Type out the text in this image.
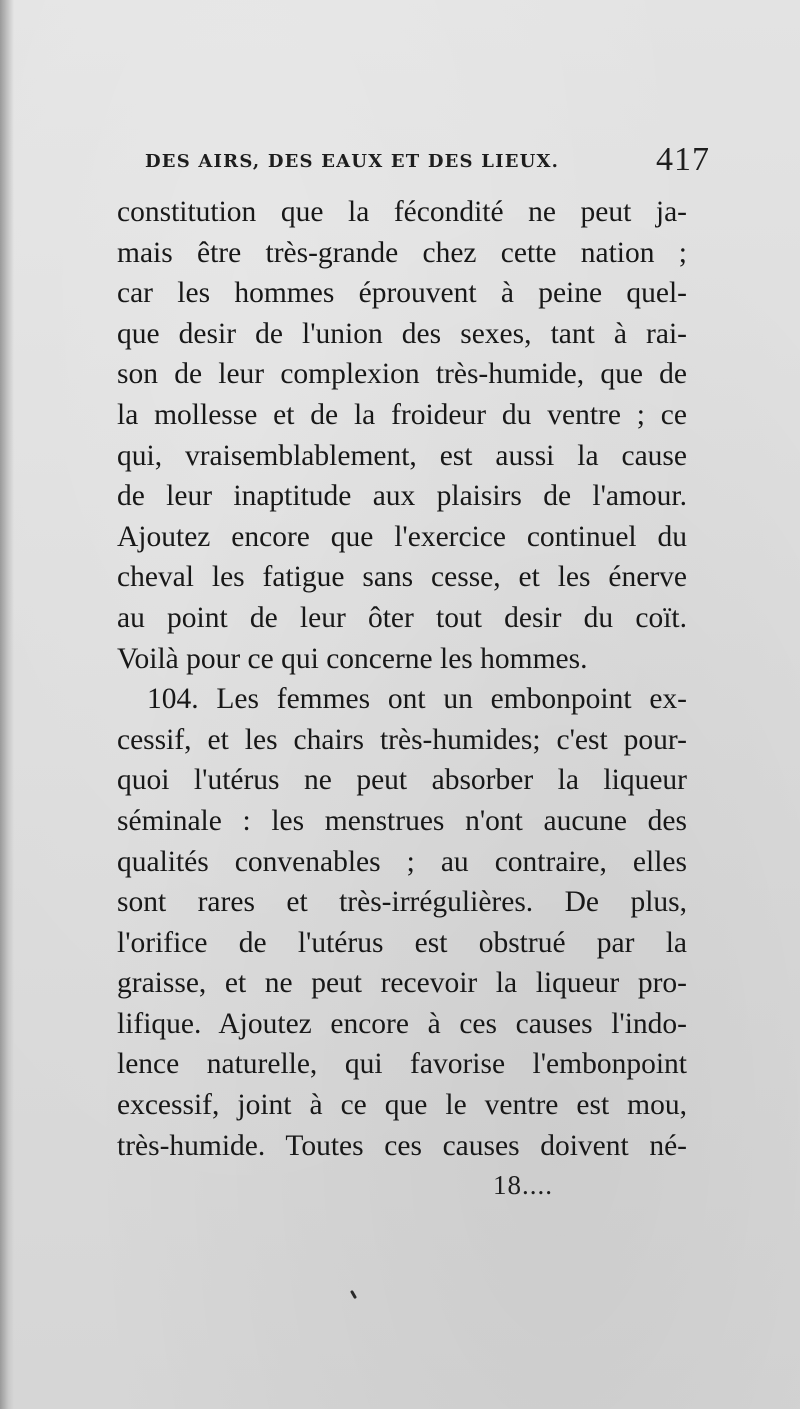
DES AIRS, DES EAUX ET DES LIEUX.	417
constitution que la fécondité ne peut ja-
mais être très-grande chez cette nation ;
car les hommes éprouvent à peine quel-
que desir de l'union des sexes, tant à rai-
son de leur complexion très-humide, que de
la mollesse et de la froideur du ventre ; ce
qui, vraisemblablement, est aussi la cause
de leur inaptitude aux plaisirs de l'amour.
Ajoutez encore que l'exercice continuel du
cheval les fatigue sans cesse, et les énerve
au point de leur ôter tout desir du coït.
Voilà pour ce qui concerne les hommes.
104. Les femmes ont un embonpoint ex-
cessif, et les chairs très-humides; c'est pour-
quoi l'utérus ne peut absorber la liqueur
séminale : les menstrues n'ont aucune des
qualités convenables ; au contraire, elles
sont rares et très-irrégulières. De plus,
l'orifice de l'utérus est obstrué par la
graisse, et ne peut recevoir la liqueur pro-
lifique. Ajoutez encore à ces causes l'indo-
lence naturelle, qui favorise l'embonpoint
excessif, joint à ce que le ventre est mou,
très-humide. Toutes ces causes doivent né-
18....
